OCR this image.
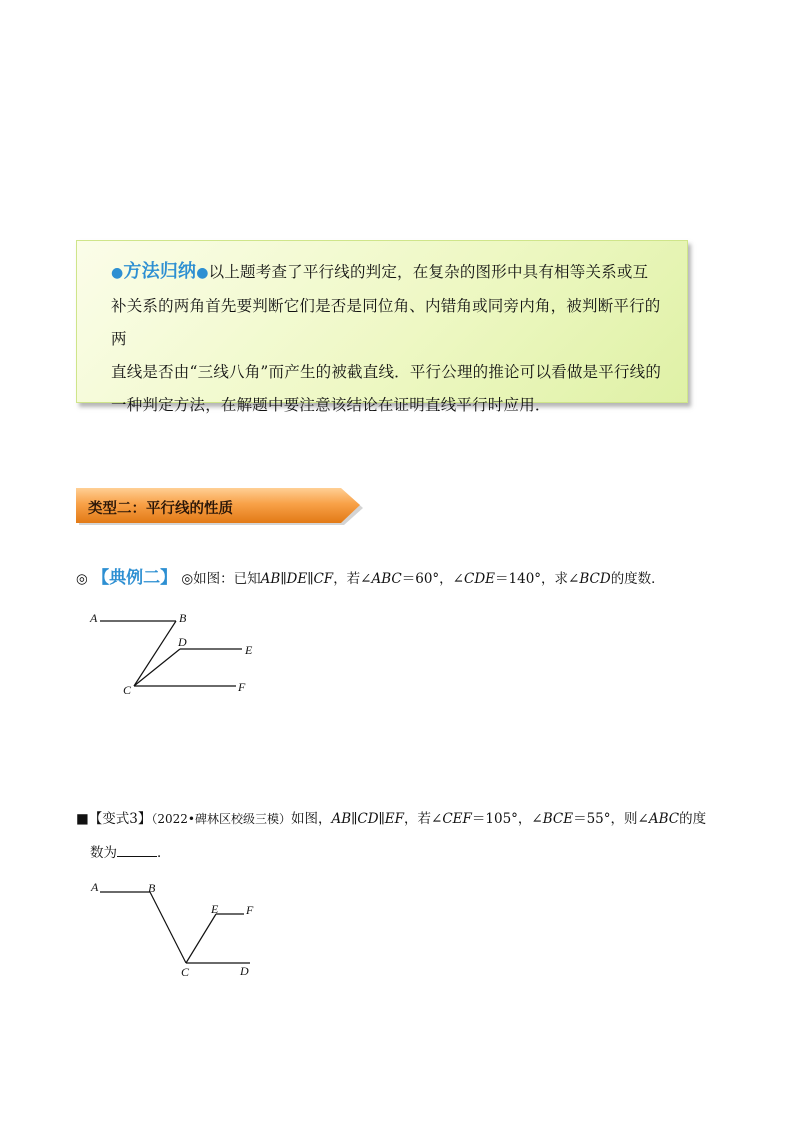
●方法归纳●以上题考查了平行线的判定，在复杂的图形中具有相等关系或互
补关系的两角首先要判断它们是否是同位角、内错角或同旁内角，被判断平行的两
直线是否由“三线八角”而产生的被截直线．平行公理的推论可以看做是平行线的
一种判定方法，在解题中要注意该结论在证明直线平行时应用．

类型二：平行线的性质
◎ 【典例二】 ◎如图：已知AB∥DE∥CF，若∠ABC＝60°，∠CDE＝140°，求∠BCD的度数．
A	B
D
E
C	F
■【变式3】（2022•碑林区校级三模）如图，AB∥CD∥EF，若∠CEF＝105°，∠BCE＝55°，则∠ABC的度
数为	．
A	B
E F
C	D
